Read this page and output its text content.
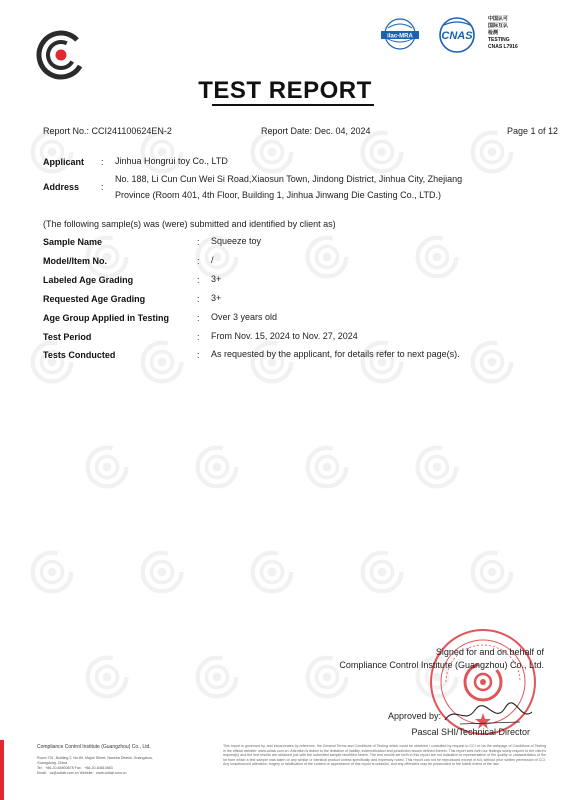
ilac-MRA	CNAS
中国认可
国际互认
检测
TESTING
CNAS L7916
TEST REPORT
Report No.: CCI241100624EN-2	Report Date: Dec. 04, 2024	Page 1 of 12
Applicant : Jinhua Hongrui toy Co., LTD
Address :
No. 188, Li Cun Cun Wei Si Road,Xiaosun Town, Jindong District, Jinhua City, Zhejiang
Province (Room 401, 4th Floor, Building 1, Jinhua Jinwang Die Casting Co., LTD.)
(The following sample(s) was (were) submitted and identified by client as)
Sample Name	: Squeeze toy
Model/Item No.	: /
Labeled Age Grading	: 3+
Requested Age Grading	: 3+
Age Group Applied in Testing	: Over 3 years old
Test Period	: From Nov. 15, 2024 to Nov. 27, 2024
Tests Conducted	: As requested by the applicant, for details refer to next page(s).
Signed for and on behalf of
Compliance Control Institute (Guangzhou) Co., Ltd.
Approved by:
Pascal SHI/Technical Director
Compliance Control Institute (Guangzhou) Co., Ltd.
Room 701, Building 2, No.89, Majun Street, Nansha District, Guangzhou,
Guangdong, China
Tel：+86-20-84800878 Fax：+86-20-84810863
Email：cs@ccilab.com.cn Website：www.ccilab.com.cn
This report is governed by, and incorporates by reference, the General Terms and Conditions of Testing which could be obtained / consulted by request to CCI or via the webpage of Conditions of Testing in the official website: www.ccilab.com.cn. Attention is drawn to the limitation of liability, indemnification and jurisdiction issues defined therein. This report sets forth our findings solely respect to the client's request(s) and the test results are obtained just with the submitted sample identified herein. The test results set forth in this report are not indicative or representative of the quality or characteristics of the lot from which a test sample was taken or any similar or identical product unless specifically and expressly noted. This report can not be reproduced except in full, without prior written permission of CCI. Any unauthorized alteration, forgery or falsification of the content or appearance of this report is unlawful, and any offenders may be prosecuted to the fullest extent of the law.
